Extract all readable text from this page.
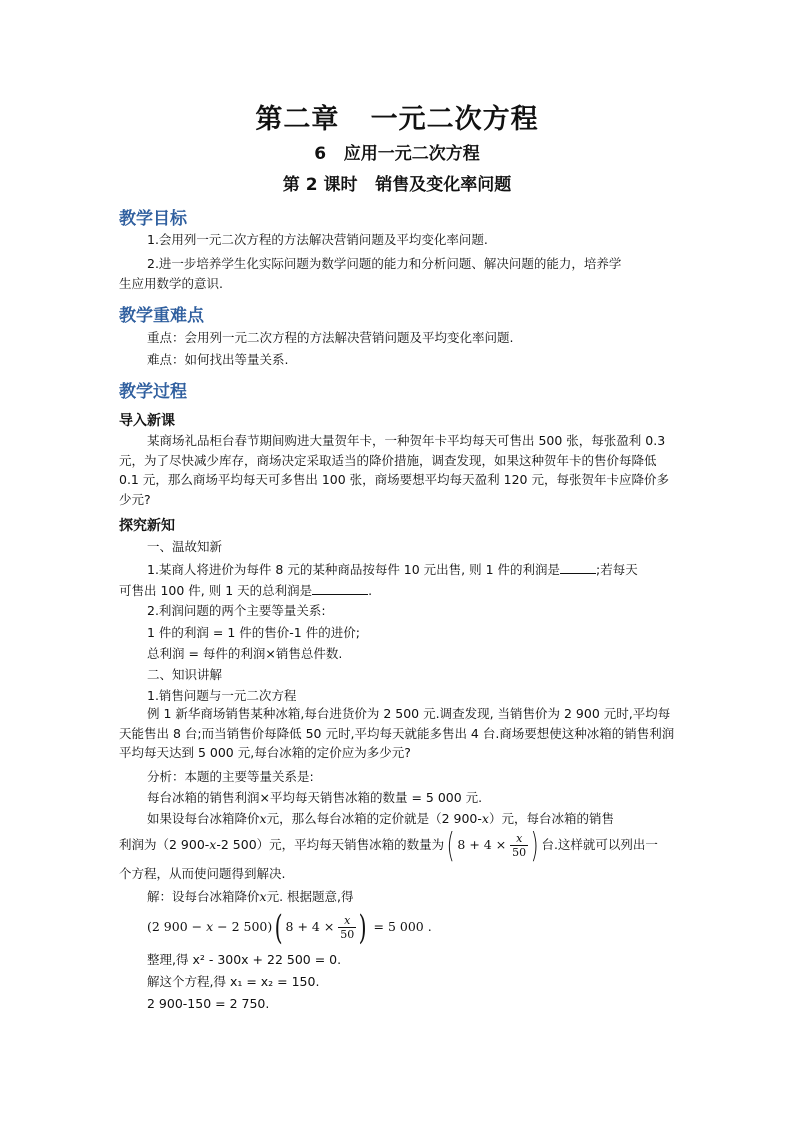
第二章   一元二次方程
6   应用一元二次方程
第 2 课时   销售及变化率问题
教学目标
1.会用列一元二次方程的方法解决营销问题及平均变化率问题.
2.进一步培养学生化实际问题为数学问题的能力和分析问题、解决问题的能力，培养学
生应用数学的意识.
教学重难点
重点：会用列一元二次方程的方法解决营销问题及平均变化率问题.
难点：如何找出等量关系.
教学过程
导入新课
某商场礼品柜台春节期间购进大量贺年卡，一种贺年卡平均每天可售出 500 张，每张盈利 0.3 元，为了尽快减少库存，商场决定采取适当的降价措施，调查发现，如果这种贺年卡的售价每降低 0.1 元，那么商场平均每天可多售出 100 张，商场要想平均每天盈利 120 元，每张贺年卡应降价多少元?
探究新知
一、温故知新
1.某商人将进价为每件 8 元的某种商品按每件 10 元出售, 则 1 件的利润是	;若每天
可售出 100 件, 则 1 天的总利润是	.
2.利润问题的两个主要等量关系:
1 件的利润 = 1 件的售价-1 件的进价;
总利润 = 每件的利润×销售总件数.
二、知识讲解
1.销售问题与一元二次方程
例 1 新华商场销售某种冰箱,每台进货价为 2 500 元.调查发现, 当销售价为 2 900 元时,平均每天能售出 8 台;而当销售价每降低 50 元时,平均每天就能多售出 4 台.商场要想使这种冰箱的销售利润平均每天达到 5 000 元,每台冰箱的定价应为多少元?
分析：本题的主要等量关系是:
每台冰箱的销售利润×平均每天销售冰箱的数量 = 5 000 元.
如果设每台冰箱降价x元，那么每台冰箱的定价就是（2 900-x）元，每台冰箱的销售
利润为（2 900-x-2 500）元，平均每天销售冰箱的数量为( $8 + 4 \times \frac{x}{50}$ ) 台.这样就可以列出一
个方程，从而使问题得到解决.
解：设每台冰箱降价x元. 根据题意,得
(2 900 − x − 2 500)( $8 + 4 \times \frac{x}{50}$ ) = 5 000 .
整理,得 x² - 300x + 22 500 = 0.
解这个方程,得 x₁ = x₂ = 150.
2 900-150 = 2 750.
